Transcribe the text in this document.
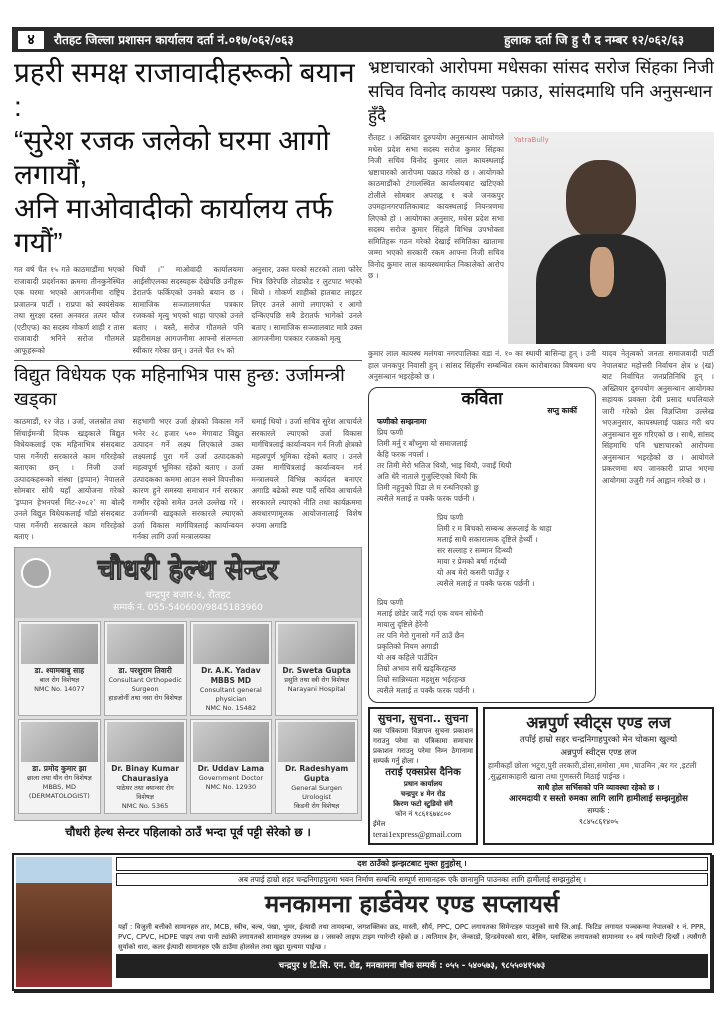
४	रौतहट जिल्ला प्रशासन कार्यालय दर्ता नं.०१७/०६२/०६३	हुलाक दर्ता जि हु रौ द नम्बर १२/०६२/६३
प्रहरी समक्ष राजावादीहरूको बयान :
“सुरेश रजक जलेको घरमा आगो लगायौं,
अनि माओवादीको कार्यालय तर्फ गयौं”

गत वर्ष चैत १५ गते काठमाडौंमा भएको राजावादी प्रदर्शनका क्रममा तीनकुनेस्थित एक घरमा भएको आगजनीमा राष्ट्रिय प्रजातन्त्र पार्टी । राप्रपा को स्वयंसेवक तथा सुरक्षा दस्ता अनवरत तत्पर फौज (एटीएफ) का सदस्य गोकर्ण शाही र तास राजावादी भनिने सरोज गौतमले आफूहरूको

थियौं ।'' माओवादी कार्यालयमा आईसीएलका सदस्यहरू देखेपछि उनीहरू डेरातर्फ फर्किएको उनको बयान छ । सामाजिक सञ्जालमार्फत पत्रकार रजकको मृत्यु भएको थाहा पाएको उनले बताए । यस्तै, सरोज गौतमले पनि प्रहरीसमक्ष आगजनीमा आफ्नो संलग्नता स्वीकार गरेका छन् । उनले चैत १५ को

अनुसार, उक्त घरको सटरको ताला फोरेर भित्र छिरेपछि तोडफोड र लुटपाट भएको थियो । गोकर्ण शाहीको हातबाट लाइटर लिएर उनले आगो लगाएको र आगो दन्किएपछि सबै डेरातर्फ भागेको उनले बताए । सामाजिक सञ्जालबाट मात्रै उक्त आगजनीमा पत्रकार रजकको मृत्यु

विद्युत विधेयक एक महिनाभित्र पास हुन्छ: उर्जामन्त्री खड्का

काठमाडौं, १२ जेठ । उर्जा, जलस्रोत तथा सिंचाईमन्त्री दिपक खड्काले विद्युत विधेयकलाई एक महिनाभित्र संसदबाट पास गर्नेगरी सरकारले काम गरिरहेको बताएका छन् । निजी उर्जा उत्पादकहरूको संस्था (इप्पान) नेपालले सोमबार सोधै यहाँ आयोजना गरेको 'इप्पान हेभनपर्स मिट-२०८२' मा बोल्दै उनले विद्युत विधेयकलाई चाँडो संसदबाट पास गर्नेगरी सरकारले काम गरिरहेको बताए ।

सहभागी भएर उर्जा क्षेत्रको विकास गर्ने भनेर २८ हजार ५०० मेगावाट विद्युत उत्पादन गर्ने लक्ष्य लिएकाले उक्त लक्ष्यलाई पुरा गर्ने उर्जा उत्पादकको महत्वपूर्ण भूमिका रहेको बताए । उर्जा उत्पादकका कममा आउन सक्ने विपत्तीका कारण हुने समस्या समाधान गर्न सरकार गम्भीर रहेको समेत उनले उल्लेख गरे । उर्जामन्त्री खड्काले सरकारले ल्याएको उर्जा विकास मार्गचित्रलाई कार्यान्वयन गर्नका लागि उर्जा मन्त्रालयका

धमाई थियो । उर्जा सचिव सुरेश आचार्यले सरकारले ल्याएको उर्जा विकास मार्गचित्रलाई कार्यान्वयन गर्न निजी क्षेत्रको महत्वपूर्ण भूमिका रहेको बताए । उनले उक्त मार्गचित्रलाई कार्यान्वयन गर्न मन्त्रालयले विभिन्न कार्यदल बनाएर अगाडि बढेको स्पष्ट पार्दै सचिव आचार्यले सरकारले ल्याएको नीति तथा कार्यक्रममा अवधारणामूलक आयोजनालाई विशेष रुपमा अगाडि

चौधरी हेल्थ सेन्टर
चन्द्रपुर बजार-४, रौतहट
सम्पर्क नं. 055-540600/9845183960
डा. श्यामबाबु साह
बाल रोग विशेषज्ञ
NMC No. 14077
डा. परशुराम तिवारी
Consultant Orthopedic Surgeon
हाडजोर्नी तथा नसा रोग विशेषज्ञ
Dr. A.K. Yadav MBBS MD
Consultant general physician
NMC No. 15482
Dr. Sweta Gupta
प्रसुति तथा स्त्री रोग विशेषज्ञ
Narayani Hospital
डा. प्रमोद कुमार झा
छाला तथा यौन रोग विशेषज्ञ
MBBS, MD (DERMATOLOGIST)
Dr. Binay Kumar Chaurasiya
पाठेघर तथा क्यान्सर रोग विशेषज्ञ
NMC No. 5365
Dr. Uddav Lama
Government Doctor
NMC No. 12930
Dr. Radeshyam Gupta
General Surgen Urologist
किडनी रोग विशेषज्ञ
चौधरी हेल्थ सेन्टर पहिलाको ठाउँ भन्दा पूर्व पट्टी सेरेको छ ।
भ्रष्टाचारको आरोपमा मधेसका सांसद सरोज सिंहका निजी
सचिव विनोद कायस्थ पक्राउ, सांसदमाथि पनि अनुसन्धान हुँदै

रौतहट । अख्तियार दुरुपयोग अनुसन्धान आयोगले मधेस प्रदेश सभा सदस्य सरोज कुमार सिंहका निजी सचिव विनोद कुमार लाल कायस्थलाई भ्रष्टाचारको आरोपमा पक्राउ गरेको छ । आयोगको काठमाडौंको टंगालस्थित कार्यालयबाट खटिएको टोलीले सोमबार अपराह्न १ बजे जनकपुर उपमहानगरपालिकाबाट कायस्थलाई नियन्त्रणमा लिएको हो । आयोगका अनुसार, मधेस प्रदेश सभा सदस्य सरोज कुमार सिंहले विभिन्न उपभोक्ता समितिहरू गठन गरेको देखाई समितिका खातामा जम्मा भएको सरकारी रकम आफ्ना निजी सचिव विनोद कुमार लाल कायस्थमार्फत निकालेको आरोप छ ।

YatraBully

कुमार लाल कायस्थ मलंगवा नगरपालिका वडा नं. १० का स्थायी बासिन्दा हुन् । उनी हाल जनकपुर निवासी हुन् । सांसद सिंहसँग सम्बन्धित रकम कारोबारका विषयमा थप अनुसन्धान भइरहेको छ ।

कविता
सप्तु कार्की
फणीको सम्झनामा
प्रिय फणी
तिमी मर्नु र बाँच्नुमा यो समाजलाई
केहि फरक नपर्ला ।
तर तिमी मेरो भतिज थियौ, भाइ थियौ, ज्वाइँ थियौ
अति धेरै नाताले गुजुल्टिएको थियौ कि
तिमी नहुनुको पिडा ले म रन्थनिएको छु
त्यसैले मलाई त पक्कै फरक पर्छनी ।
प्रिय फणी
तिमी र म बिचको सम्बन्ध अरूलाई के थाहा
मलाई साथै सकारात्मक दृष्टिले हेर्थ्यौ ।
सर सल्लाह र सम्मान दिन्थ्यौ
माया र प्रेमको बर्षा गर्दथ्यौ
यो अब मेरो कसरी पाउँछु र
त्यसैले मलाई त पक्कै फरक पर्छनी ।
प्रिय फणी
मलाई छोडेर जादैं गर्दा एक वचन सोधेनौ
मायालु दृष्टिले हेरेनौ
तर पनि मेरो गुनासो गर्ने ठाउँ छैन
प्रकृतिको नियम अगाडी
यो अब कहिले पाउँदिन
तिम्रो अभाव सधैं खड्किरहन्छ
तिम्रो सान्निध्यता महशुस भईरहन्छ
त्यसैले मलाई त पक्कै फरक पर्छनी ।

यादव नेतृत्वको जनता समाजवादी पार्टी नेपालबाट महोत्तरी निर्वाचन क्षेत्र ४ (ख) बाट निर्वाचित जनप्रतिनिधि हुन् । अख्तियार दुरुपयोग अनुसन्धान आयोगका सहायक प्रवक्ता देवी प्रसाद थपलियाले जारी गरेको प्रेस विज्ञप्तिमा उल्लेख भएअनुसार, कायस्थलाई पक्राउ गरी थप अनुसन्धान सुरु गरिएको छ । साथै, सांसद सिंहमाथि पनि भ्रष्टाचारको आरोपमा अनुसन्धान भइरहेको छ । आयोगले प्रकरणमा थप जानकारी प्राप्त भएमा आयोगमा उजुरी गर्न आह्वान गरेको छ ।

सुचना, सुचना.. सुचना
यस पत्रिकामा विज्ञापन सुचना प्रकाशन गराउनु परेमा वा पत्रिकामा समाचार प्रकाशन गराउनु परेमा निम्न ठेगानामा सम्पर्क गर्नु होला ।
तराई एक्सप्रेस दैनिक
प्रधान कार्यालय
चन्द्रपुर ४ मेन रोड
किरण फटो स्टुडियो संगै
फोन नं ९८६१६७४८००
ईमेल
terai1express@gmail.com
अन्नपुर्ण स्वीट्स एण्ड लज
तपाँई हाम्रो सहर चन्द्रनिगाहपुरको मेन चोकमा खुल्यो
अन्नपुर्ण स्वीट्स एण्ड लज
हामीकहाँ छोला भटुरा,पुरी तरकारी,डोसा,समोसा ,मम ,चाउमिन ,बर गर ,इटली ,सुद्धसाकाहारी खाना तथा गुणस्तरी मिठाई पाईन्छ ।
साथै होल सर्भिसको पनि व्यावस्था रहेको छ ।
आरमदायी र सस्तो रुमका लागि लागि हामीलाई सम्झनुहोस
सम्पर्क :
९८४५८६१४०५
दश ठाउँको झन्झटबाट मुक्त हुनुहोस् ।
अब तपाई हाम्रो शहर चन्द्रनिगाहपुरमा भवन निर्माण सम्बन्धि सम्पूर्ण सामानहरू एकै छानामुनि पाउनका लागि हामीलाई सम्झनुहोस् ।
मनकामना हार्डवेयर एण्ड सप्लायर्स
यहाँ : विजुली बत्तीको सामानहरु तार, MCB, स्वीच, बल्ब, पंखा, भुमर, ईत्यादी तथा तामदम्बा, जगशक्तिका छड, मास्ती, सौर्य, PPC, OPC लगायतका सिमेन्टहरु पाउनुको साथै जि.आई. फिटिङ लगायत पञ्चकन्या नेपालको १ नं. PPR, PVC, CPVC, HDPE पाइप तथा पानी ट्यांकी लगायतको सामानहरु उपलब्ध छ । जसको लाइफ टाइम ग्यारेन्टी रहेको छ । त्यतिमात्र हैन, जेन्काडो, हिन्डवेयरको धारा, बेसिन, प्लास्टिक लगायतको सामानमा १० वर्ष ग्यारेन्टी दिन्छौं । त्यसैगरी सुर्याको धारा, कलर ईत्यादी सामानहरु एकै ठाउँमा होलसेल तथा खुद्रा मूल्यमा पाईन्छ ।
चन्द्रपुर ४ टि.सि. एन. रोड, मनकामना चौक सम्पर्क : ०५५ - ५४०५७३, ९८५५०४१५७३
